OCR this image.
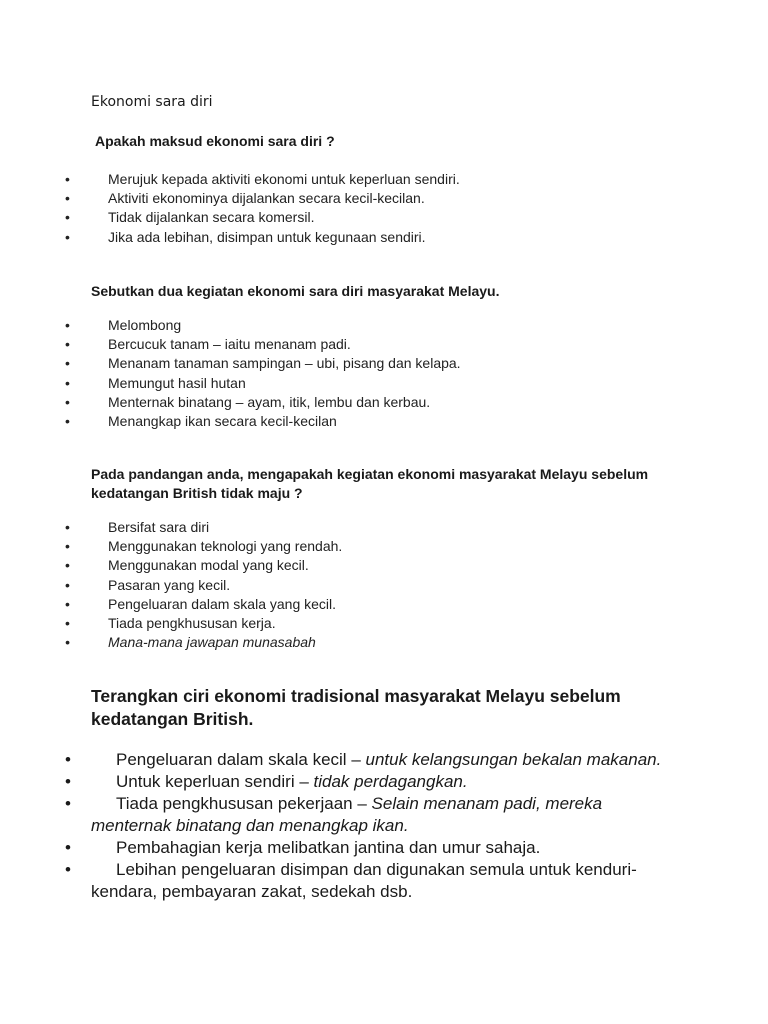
Ekonomi sara diri
Apakah maksud ekonomi sara diri ?
• Merujuk kepada aktiviti ekonomi untuk keperluan sendiri.
• Aktiviti ekonominya dijalankan secara kecil-kecilan.
• Tidak dijalankan secara komersil.
• Jika ada lebihan, disimpan untuk kegunaan sendiri.
Sebutkan dua kegiatan ekonomi sara diri masyarakat Melayu.
• Melombong
• Bercucuk tanam – iaitu menanam padi.
• Menanam tanaman sampingan – ubi, pisang dan kelapa.
• Memungut hasil hutan
• Menternak binatang – ayam, itik, lembu dan kerbau.
• Menangkap ikan secara kecil-kecilan
Pada pandangan anda, mengapakah kegiatan ekonomi masyarakat Melayu sebelum kedatangan British tidak maju ?
• Bersifat sara diri
• Menggunakan teknologi yang rendah.
• Menggunakan modal yang kecil.
• Pasaran yang kecil.
• Pengeluaran dalam skala yang kecil.
• Tiada pengkhususan kerja.
• Mana-mana jawapan munasabah
Terangkan ciri ekonomi tradisional masyarakat Melayu sebelum kedatangan British.
• Pengeluaran dalam skala kecil – untuk kelangsungan bekalan makanan.
• Untuk keperluan sendiri – tidak perdagangkan.
• Tiada pengkhususan pekerjaan – Selain menanam padi, mereka menternak binatang dan menangkap ikan.
• Pembahagian kerja melibatkan jantina dan umur sahaja.
• Lebihan pengeluaran disimpan dan digunakan semula untuk kenduri-kendara, pembayaran zakat, sedekah dsb.
